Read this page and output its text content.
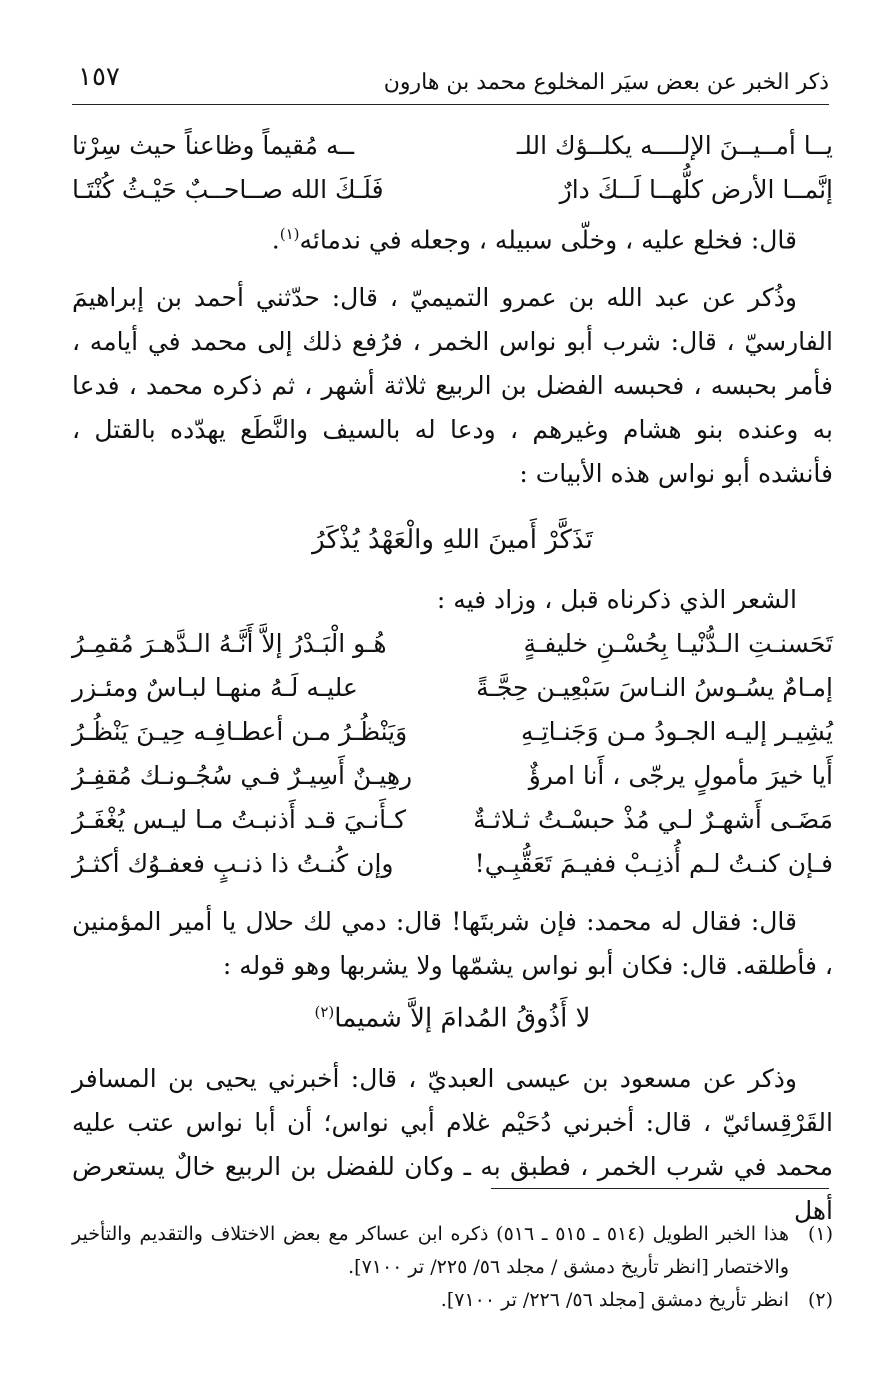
١٥٧	ذكر الخبر عن بعض سيَر المخلوع محمد بن هارون
يــا أمــيــنَ الإلــــه يكلــؤك اللـ
ــه مُقيماً وظاعناً حيث سِرْتا
إنَّمــا الأرض كلُّهــا لَــكَ دارٌ
فَلَـكَ الله صــاحــبٌ حَيْـثُ كُنْتَـا

قال: فخلع عليه ، وخلّى سبيله ، وجعله في ندمائه$^{(١)}$.

وذُكر عن عبد الله بن عمرو التميميّ ، قال: حدّثني أحمد بن إبراهيمَ الفارسيّ ، قال: شرب أبو نواس الخمر ، فرُفع ذلك إلى محمد في أيامه ، فأمر بحبسه ، فحبسه الفضل بن الربيع ثلاثة أشهر ، ثم ذكره محمد ، فدعا به وعنده بنو هشام وغيرهم ، ودعا له بالسيف والنَّطَع يهدّده بالقتل ، فأنشده أبو نواس هذه الأبيات :

تَذَكَّرْ أَمينَ اللهِ والْعَهْدُ يُذْكَرُ

الشعر الذي ذكرناه قبل ، وزاد فيه :

تَحَسنـتِ الـدُّنْيـا بِحُسْـنِ خليفـةٍ
هُـو الْبَـدْرُ إلاَّ أَنَّـهُ الـدَّهـرَ مُقمِـرُ
إمـامٌ يسُـوسُ النـاسَ سَبْعِيـن حِجَّـةً
عليـه لَـهُ منهـا لبـاسٌ ومئـزر
يُشِيـر إليـه الجـودُ مـن وَجَنـاتِـهِ
وَيَنْظُـرُ مـن أعطـافِـه حِيـنَ يَنْظُـرُ
أَيا خيرَ مأمولٍ يرجّى ، أَنا امرؤٌ
رهِيـنٌ أَسِيـرٌ فـي سُجُـونـك مُقفِـرُ
مَضَـى أَشهـرٌ لـي مُذْ حبسْـتُ ثـلاثـةٌ
كـأَنـيَ قـد أَذنبـتُ مـا ليـس يُغْفَـرُ
فـإن كنـتُ لـم أُذنِـبْ ففيـمَ تَعَقُّبِـي!
وإن كُنـتُ ذا ذنـبٍ فعفـوُك أكثـرُ

قال: فقال له محمد: فإن شربتَها! قال: دمي لك حلال يا أمير المؤمنين ، فأطلقه. قال: فكان أبو نواس يشمّها ولا يشربها وهو قوله :

لا أَذُوقُ المُدامَ إلاَّ شميما$^{(٢)}$

وذكر عن مسعود بن عيسى العبديّ ، قال: أخبرني يحيى بن المسافر القَرْقِسائيّ ، قال: أخبرني دُحَيْم غلام أبي نواس؛ أن أبا نواس عتب عليه محمد في شرب الخمر ، فطبق به ـ وكان للفضل بن الربيع خالٌ يستعرض أهل

(١)
هذا الخبر الطويل (٥١٤ ـ ٥١٥ ـ ٥١٦) ذكره ابن عساكر مع بعض الاختلاف والتقديم والتأخير والاختصار [انظر تأريخ دمشق / مجلد ٥٦/ ٢٢٥/ تر ٧١٠٠].
(٢)
انظر تأريخ دمشق [مجلد ٥٦/ ٢٢٦/ تر ٧١٠٠].
